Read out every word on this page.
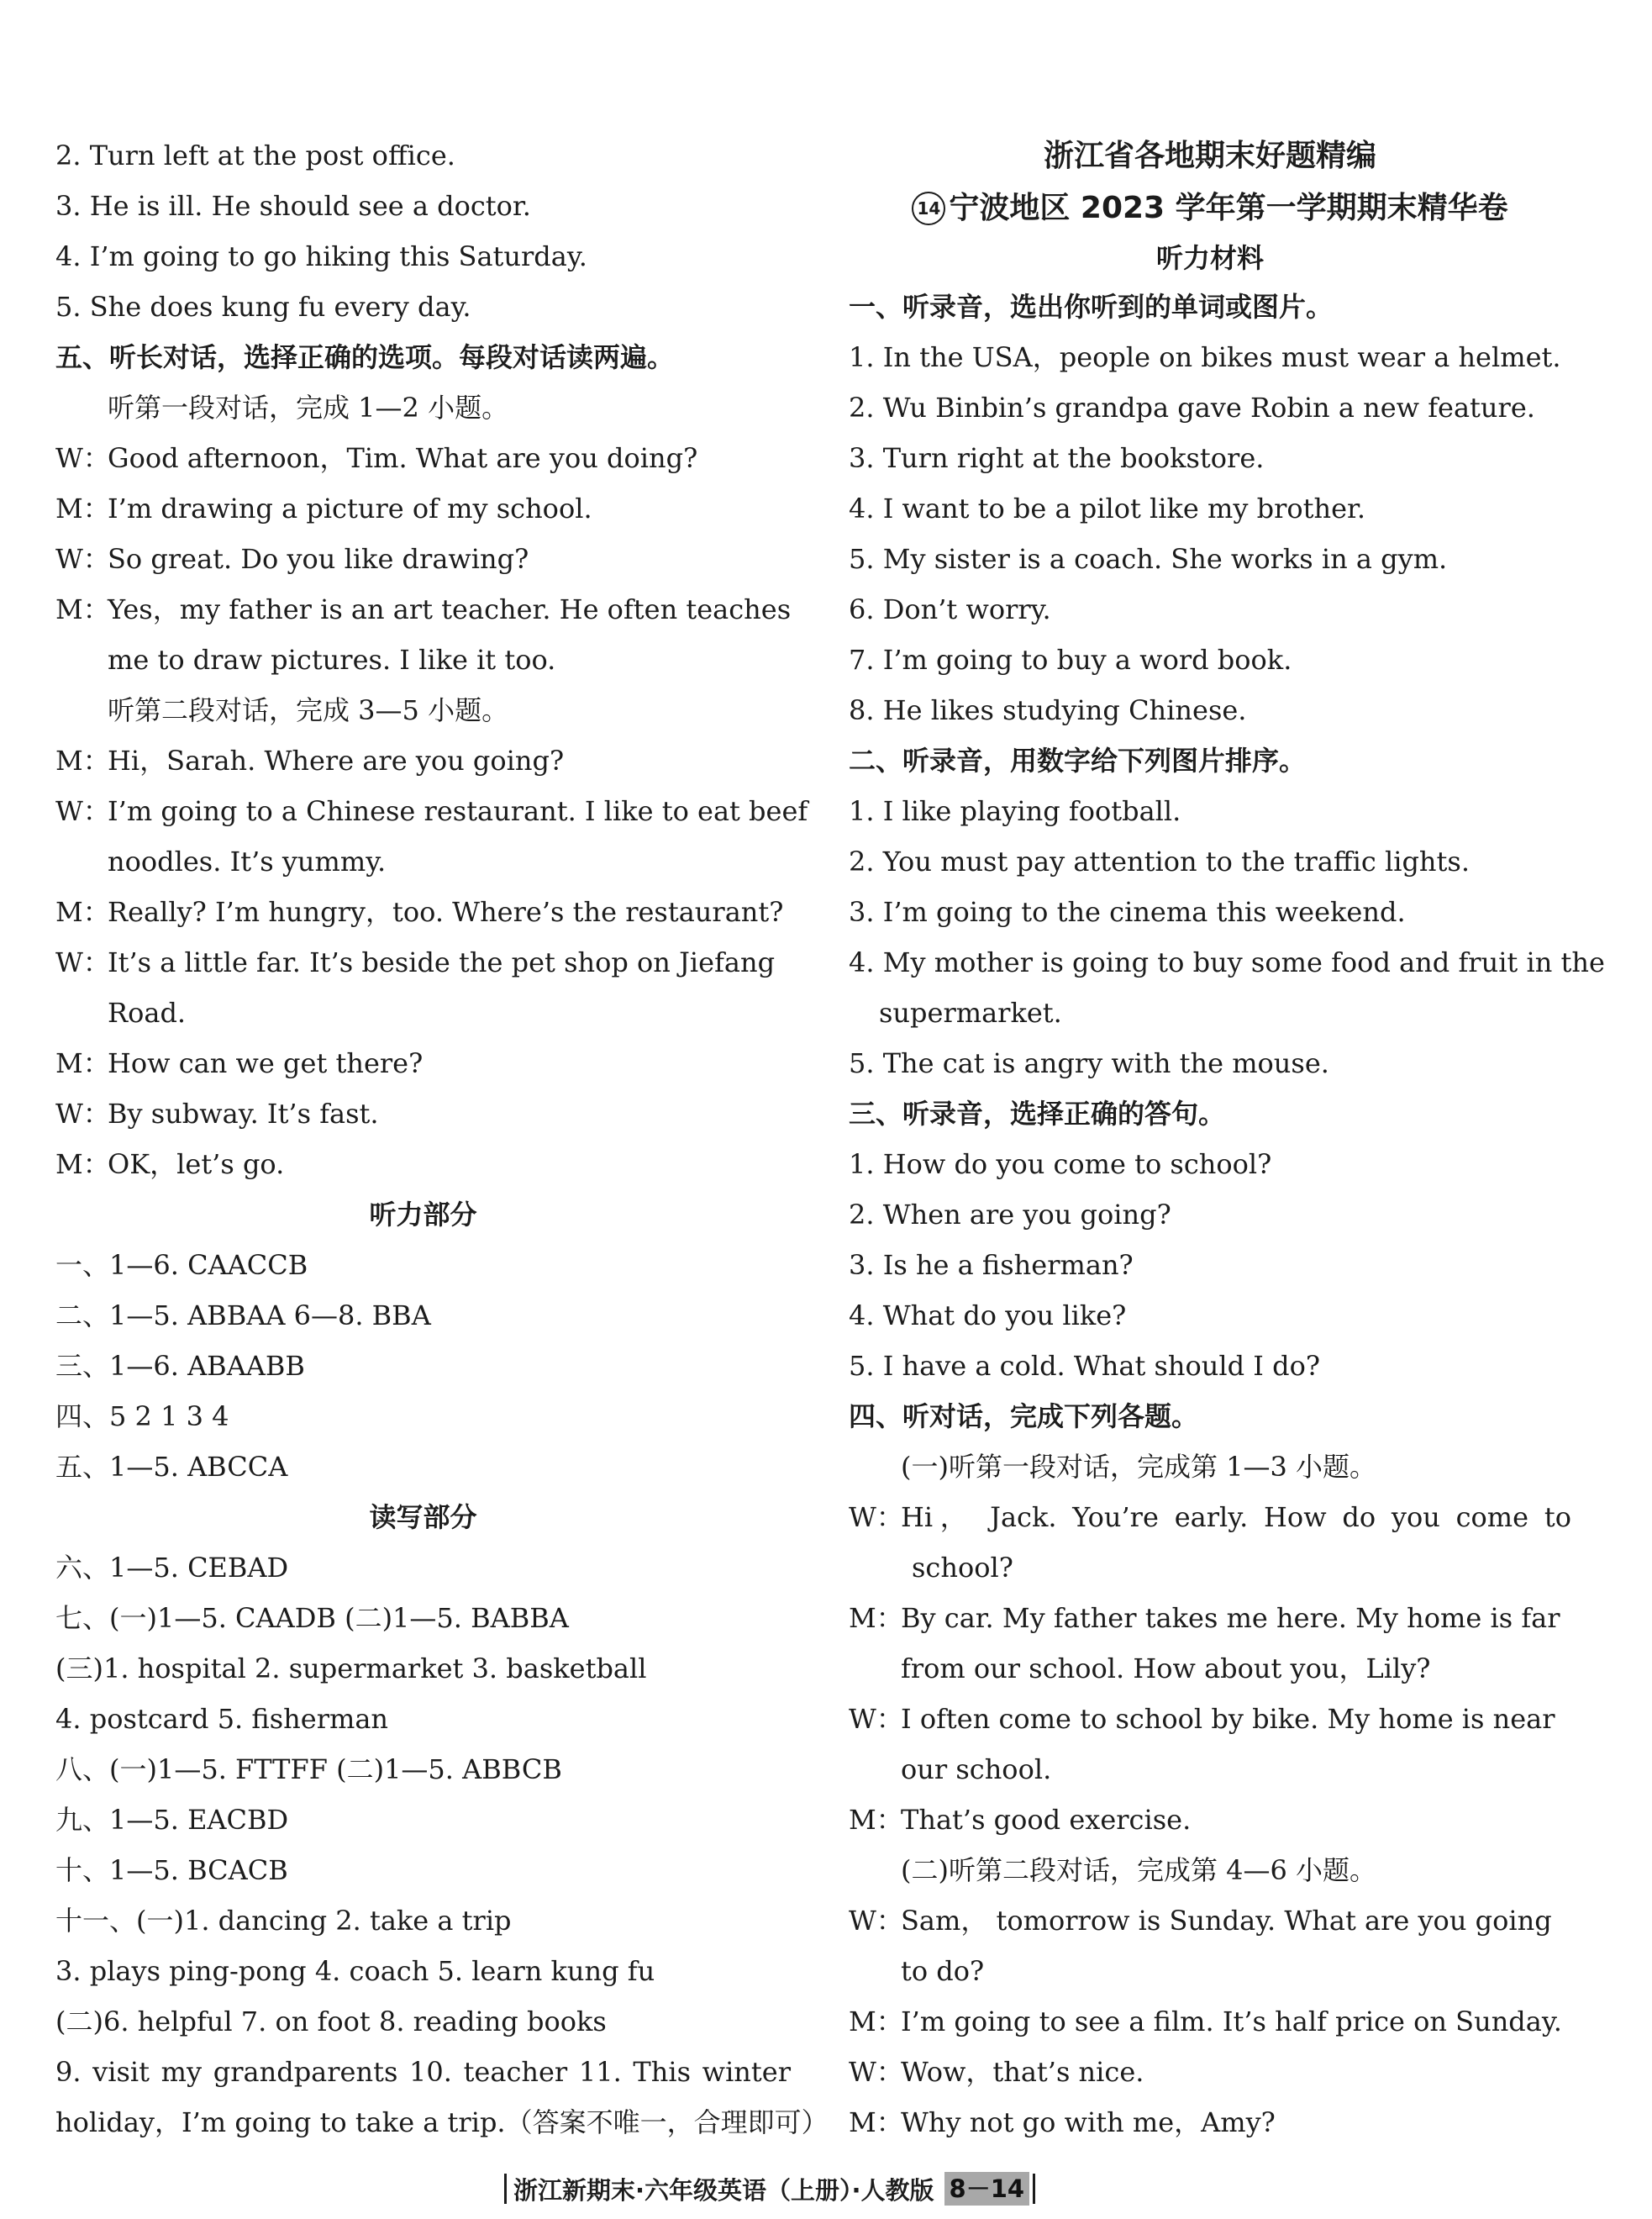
2. Turn left at the post office.
3. He is ill. He should see a doctor.
4. I’m going to go hiking this Saturday.
5. She does kung fu every day.
五、听长对话，选择正确的选项。每段对话读两遍。
听第一段对话，完成 1—2 小题。
W：Good afternoon，Tim. What are you doing?
M：I’m drawing a picture of my school.
W：So great. Do you like drawing?
M：Yes，my father is an art teacher. He often teaches
me to draw pictures. I like it too.
听第二段对话，完成 3—5 小题。
M：Hi，Sarah. Where are you going?
W：I’m going to a Chinese restaurant. I like to eat beef
noodles. It’s yummy.
M：Really? I’m hungry，too. Where’s the restaurant?
W：It’s a little far. It’s beside the pet shop on Jiefang
Road.
M：How can we get there?
W：By subway. It’s fast.
M：OK，let’s go.
听力部分
一、1—6. CAACCB
二、1—5. ABBAA 6—8. BBA
三、1—6. ABAABB
四、5 2 1 3 4
五、1—5. ABCCA
读写部分
六、1—5. CEBAD
七、(一)1—5. CAADB (二)1—5. BABBA
(三)1. hospital 2. supermarket 3. basketball
4. postcard 5. fisherman
八、(一)1—5. FTTFF (二)1—5. ABBCB
九、1—5. EACBD
十、1—5. BCACB
十一、(一)1. dancing 2. take a trip
3. plays ping-pong 4. coach 5. learn kung fu
(二)6. helpful 7. on foot 8. reading books
9. visit my grandparents 10. teacher 11. This winter
holiday，I’m going to take a trip.（答案不唯一，合理即可）
浙江省各地期末好题精编
14 宁波地区 2023 学年第一学期期末精华卷
听力材料
一、听录音，选出你听到的单词或图片。
1. In the USA，people on bikes must wear a helmet.
2. Wu Binbin’s grandpa gave Robin a new feature.
3. Turn right at the bookstore.
4. I want to be a pilot like my brother.
5. My sister is a coach. She works in a gym.
6. Don’t worry.
7. I’m going to buy a word book.
8. He likes studying Chinese.
二、听录音，用数字给下列图片排序。
1. I like playing football.
2. You must pay attention to the traffic lights.
3. I’m going to the cinema this weekend.
4. My mother is going to buy some food and fruit in the
supermarket.
5. The cat is angry with the mouse.
三、听录音，选择正确的答句。
1. How do you come to school?
2. When are you going?
3. Is he a fisherman?
4. What do you like?
5. I have a cold. What should I do?
四、听对话，完成下列各题。
(一)听第一段对话，完成第 1—3 小题。
W：Hi， Jack. You’re early. How do you come to
school?
M：By car. My father takes me here. My home is far
from our school. How about you，Lily?
W：I often come to school by bike. My home is near
our school.
M：That’s good exercise.
(二)听第二段对话，完成第 4—6 小题。
W：Sam， tomorrow is Sunday. What are you going
to do?
M：I’m going to see a film. It’s half price on Sunday.
W：Wow，that’s nice.
M：Why not go with me，Amy?
浙江新期末·六年级英语（上册）·人教版 8－14
